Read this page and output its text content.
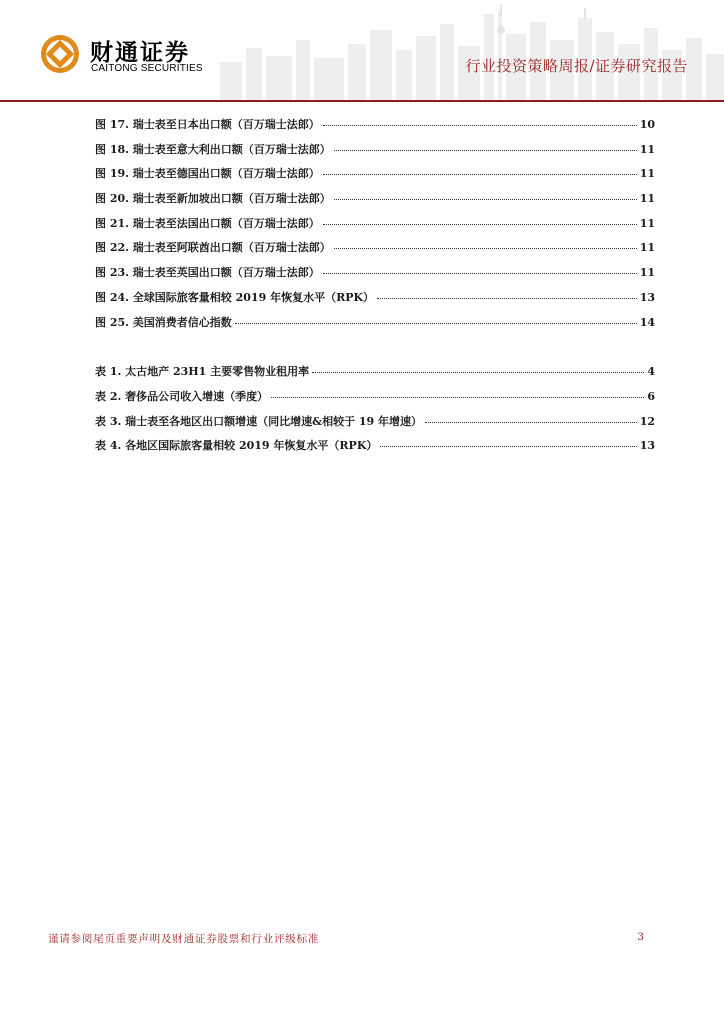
财通证券
CAITONG SECURITIES	行业投资策略周报/证券研究报告
图 17. 瑞士表至日本出口额（百万瑞士法郎）	10
图 18. 瑞士表至意大利出口额（百万瑞士法郎）	11
图 19. 瑞士表至德国出口额（百万瑞士法郎）	11
图 20. 瑞士表至新加坡出口额（百万瑞士法郎）	11
图 21. 瑞士表至法国出口额（百万瑞士法郎）	11
图 22. 瑞士表至阿联酋出口额（百万瑞士法郎）	11
图 23. 瑞士表至英国出口额（百万瑞士法郎）	11
图 24. 全球国际旅客量相较 2019 年恢复水平（RPK）	13
图 25. 美国消费者信心指数	14
表 1. 太古地产 23H1 主要零售物业租用率	4
表 2. 奢侈品公司收入增速（季度）	6
表 3. 瑞士表至各地区出口额增速（同比增速&相较于 19 年增速）	12
表 4. 各地区国际旅客量相较 2019 年恢复水平（RPK）	13
谨请参阅尾页重要声明及财通证券股票和行业评级标准	3
